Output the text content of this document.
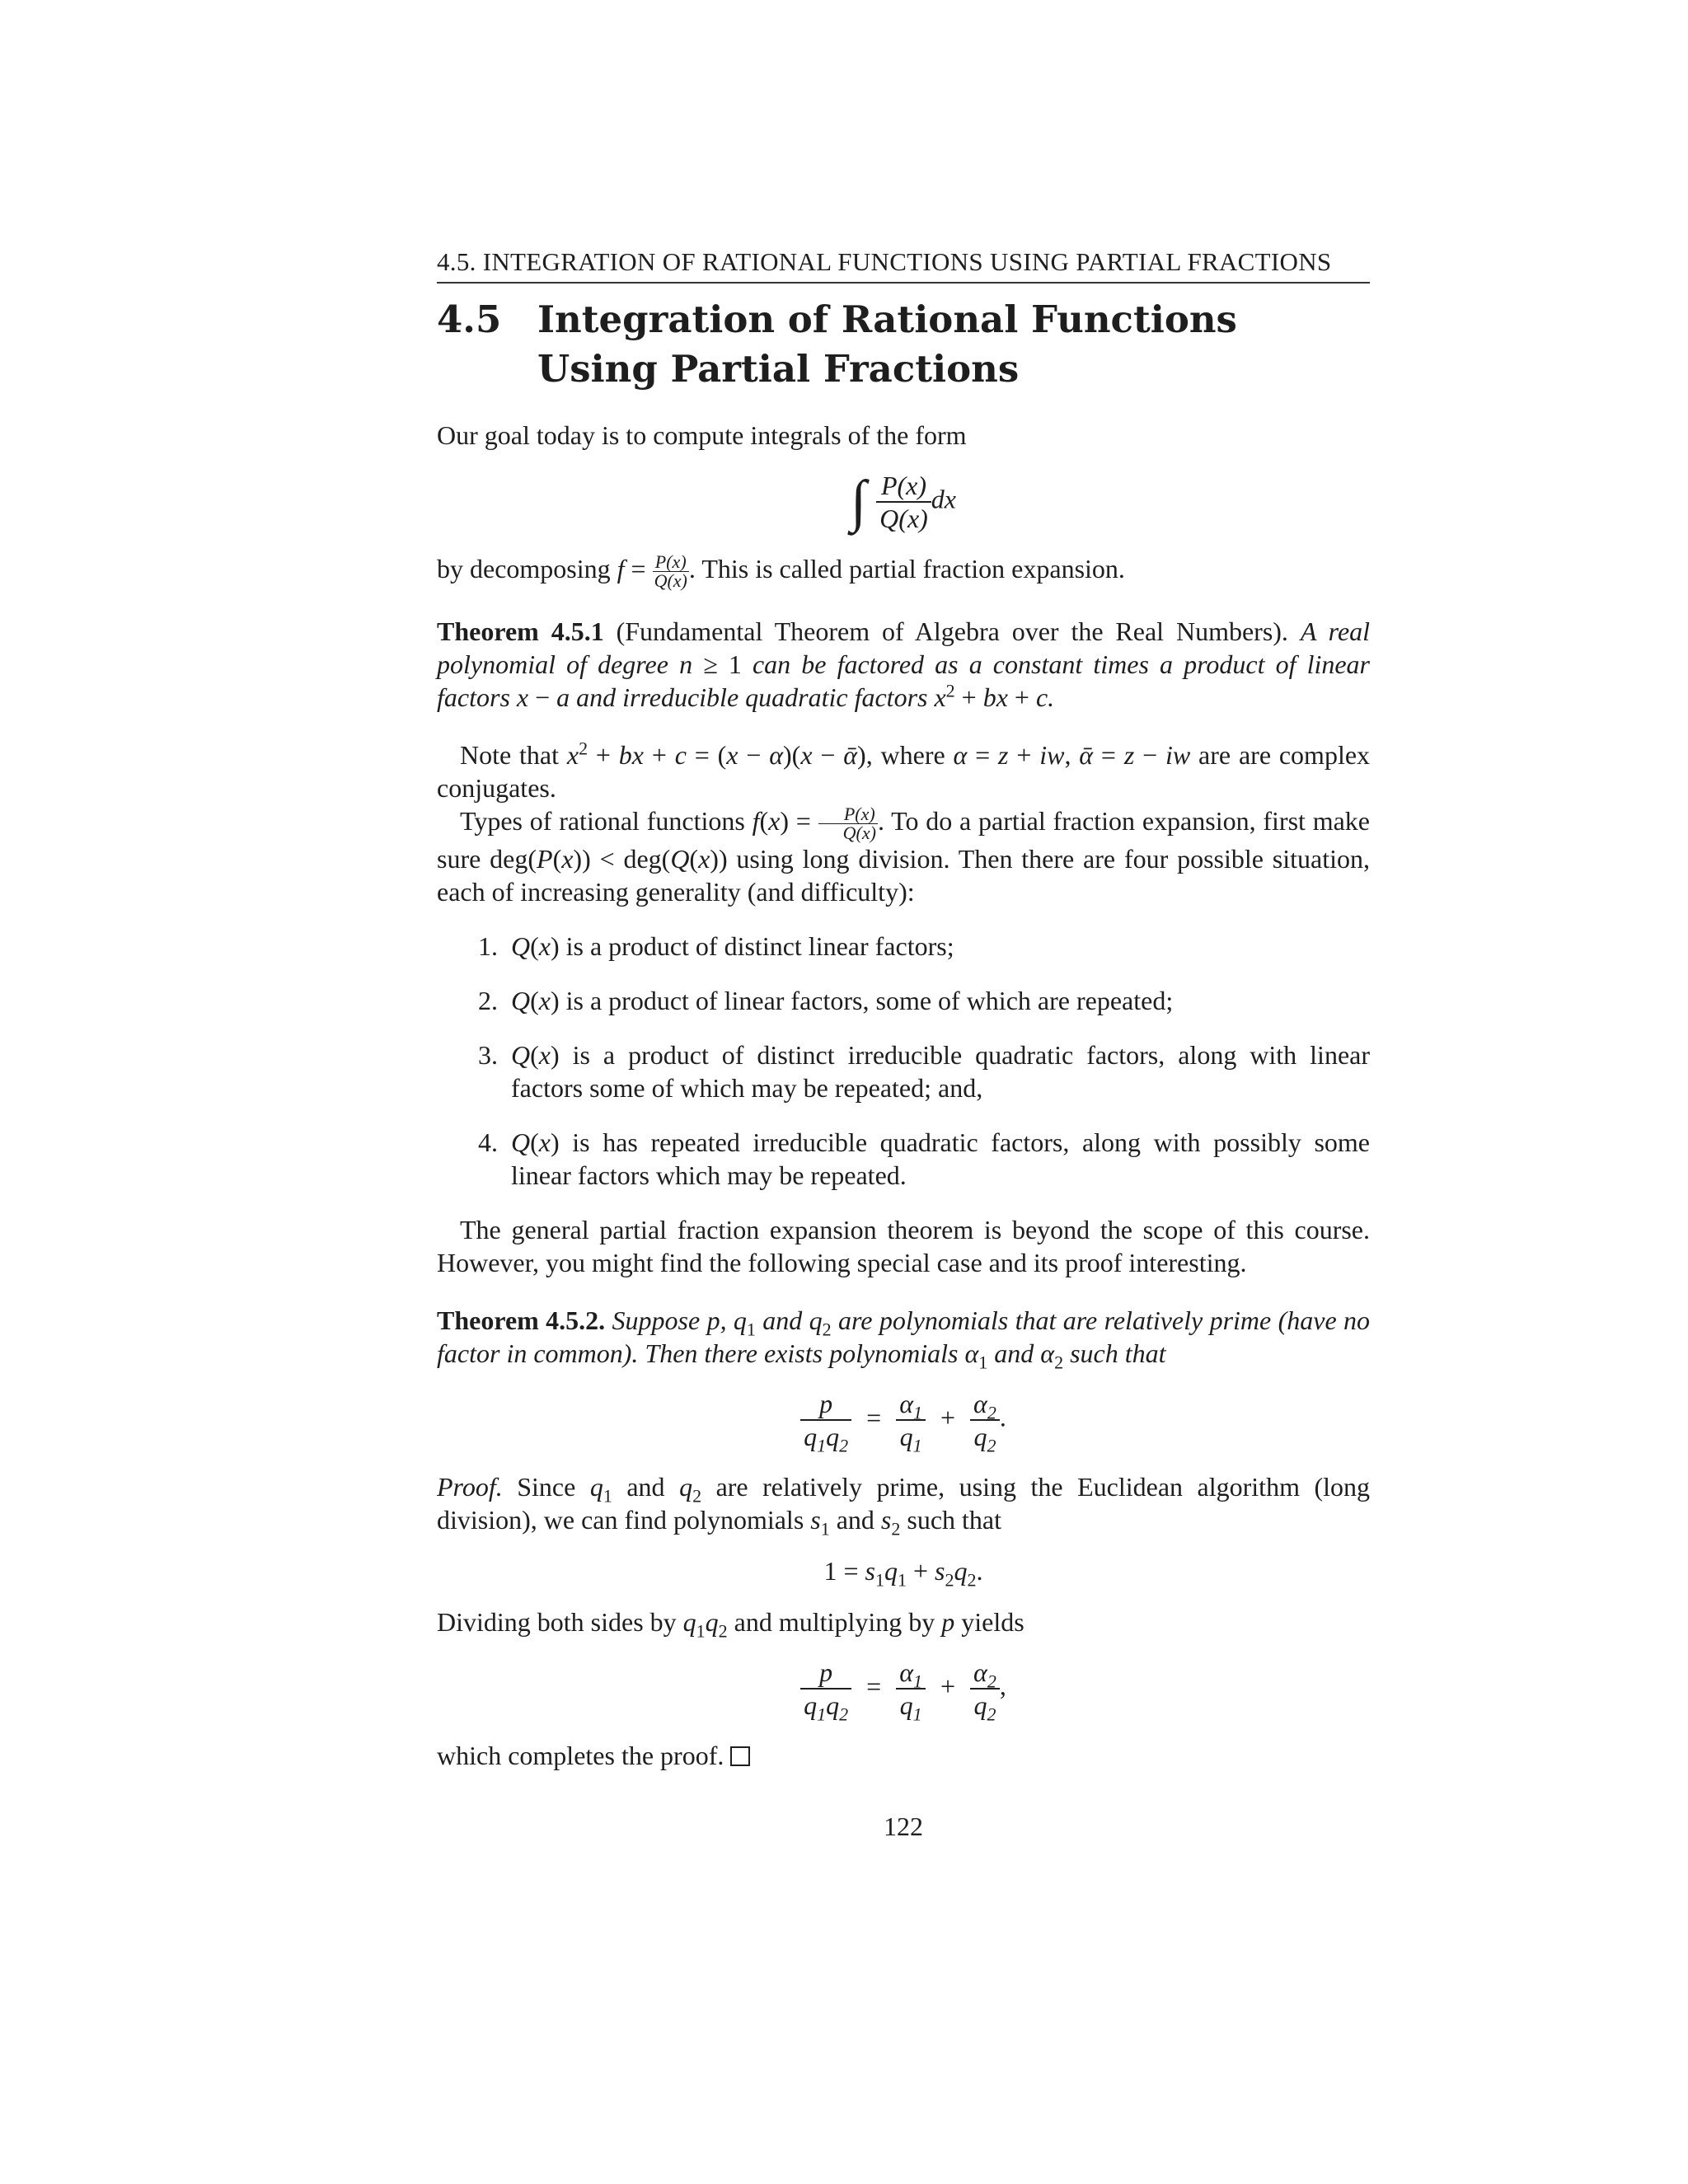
4.5. INTEGRATION OF RATIONAL FUNCTIONS USING PARTIAL FRACTIONS
4.5 Integration of Rational Functions Using Partial Fractions

Our goal today is to compute integrals of the form

∫ $\frac{P(x)}{Q(x)}$ dx

by decomposing $f = \frac{P(x)}{Q(x)}$ . This is called partial fraction expansion.

Theorem 4.5.1 (Fundamental Theorem of Algebra over the Real Numbers). A real polynomial of degree n ≥ 1 can be factored as a constant times a product of linear factors x − a and irreducible quadratic factors $x^2$ + bx + c.

Note that $x^2$ + bx + c = (x − α)(x − ᾱ), where α = z + iw, ᾱ = z − iw are are complex conjugates.

Types of rational functions $f(x) = \frac{P(x)}{Q(x)}$ . To do a partial fraction expansion, first make sure deg(P(x)) < deg(Q(x)) using long division. Then there are four possible situation, each of increasing generality (and difficulty):

1. Q(x) is a product of distinct linear factors;
2. Q(x) is a product of linear factors, some of which are repeated;
3. Q(x) is a product of distinct irreducible quadratic factors, along with linear factors some of which may be repeated; and,
4. Q(x) is has repeated irreducible quadratic factors, along with possibly some linear factors which may be repeated.

The general partial fraction expansion theorem is beyond the scope of this course. However, you might find the following special case and its proof interesting.

Theorem 4.5.2. Suppose p, $q_1$ and $q_2$ are polynomials that are relatively prime (have no factor in common). Then there exists polynomials $\alpha_1$ and $\alpha_2$ such that

$\frac{p}{q_1q_2} = \frac{\alpha_1}{q_1} + \frac{\alpha_2}{q_2}$ .

Proof. Since $q_1$ and $q_2$ are relatively prime, using the Euclidean algorithm (long division), we can find polynomials $s_1$ and $s_2$ such that

$1 = s_1q_1 + s_2q_2$.

Dividing both sides by $q_1q_2$ and multiplying by p yields

$\frac{p}{q_1q_2} = \frac{\alpha_1}{q_1} + \frac{\alpha_2}{q_2}$ ,

which completes the proof.

122
